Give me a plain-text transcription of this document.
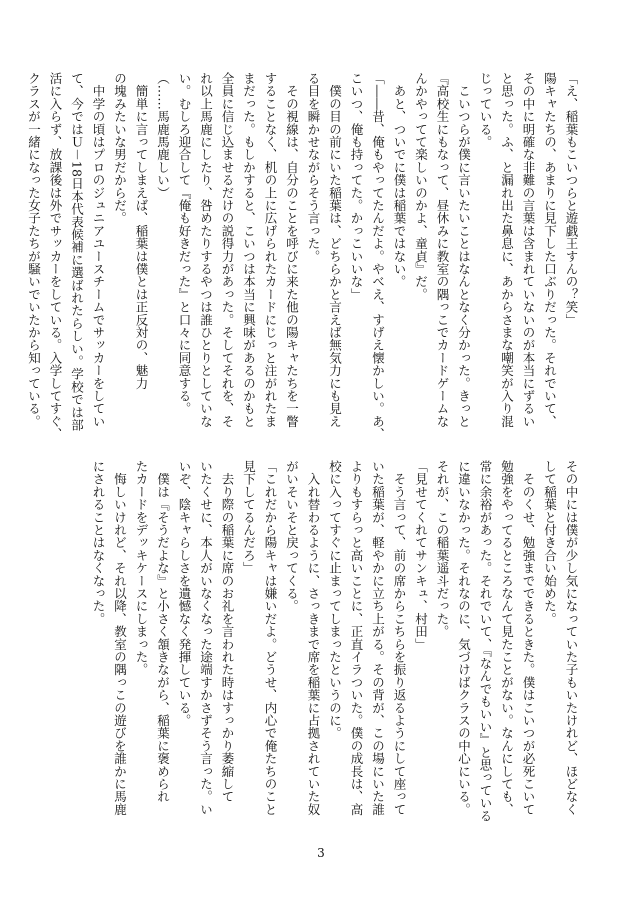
「え、稲葉もこいつらと遊戯王すんの？笑」
陽キャたちの、あまりに見下した口ぶりだった。それでいて、
その中に明確な非難の言葉は含まれていないのが本当にずるい
と思った。ふ、と漏れ出た鼻息に、あからさまな嘲笑が入り混
じっている。
　こいつらが僕に言いたいことはなんとなく分かった。きっと
『高校生にもなって、昼休みに教室の隅っこでカードゲームな
んかやってて楽しいのかよ、童貞』だ。
　あと、ついでに僕は稲葉ではない。
「――昔、俺もやってたんだよ。やべえ、すげえ懐かしい。あ、
こいつ、俺も持ってた。かっこいいな」
　僕の目の前にいた稲葉は、どちらかと言えば無気力にも見え
る目を瞬かせながらそう言った。
　その視線は、自分のことを呼びに来た他の陽キャたちを一瞥
することなく、机の上に広げられたカードにじっと注がれたま
まだった。もしかすると、こいつは本当に興味があるのかもと
全員に信じ込ませるだけの説得力があった。そしてそれを、そ
れ以上馬鹿にしたり、咎めたりするやつは誰ひとりとしていな
い。むしろ迎合して『俺も好きだった』と口々に同意する。
（……馬鹿馬鹿しい）
　簡単に言ってしまえば、稲葉は僕とは正反対の、魅力
の塊みたいな男だからだ。
　中学の頃はプロのジュニアユースチームでサッカーをしてい
て、今ではＵ－18日本代表候補に選ばれたらしい。学校では部
活に入らず、放課後は外でサッカーをしている。入学してすぐ、
クラスが一緒になった女子たちが騒いでいたから知っている。
その中には僕が少し気になっていた子もいたけれど、ほどなく
して稲葉と付き合い始めた。
　そのくせ、勉強までできるときた。僕はこいつが必死こいて
勉強をやってるところなんて見たことがない。なんにしても、
常に余裕があった。それでいて、『なんでもいい』と思っている
に違いなかった。それなのに、気づけばクラスの中心にいる。
それが、この稲葉遥斗だった。
「見せてくれてサンキュ、村田」
　そう言って、前の席からこちらを振り返るようにして座って
いた稲葉が、軽やかに立ち上がる。その背が、この場にいた誰
よりもすらっと高いことに、正直イラついた。僕の成長は、高
校に入ってすぐに止まってしまったというのに。
　入れ替わるように、さっきまで席を稲葉に占拠されていた奴
がいそいそと戻ってくる。
「これだから陽キャは嫌いだよ。どうせ、内心で俺たちのこと
見下してるんだろ」
　去り際の稲葉に席のお礼を言われた時はすっかり萎縮して
いたくせに、本人がいなくなった途端すかさずそう言った。い
いぞ、陰キャらしさを遺憾なく発揮している。
　僕は『そうだよな』と小さく頷きながら、稲葉に褒められ
たカードをデッキケースにしまった。
　悔しいけれど、それ以降、教室の隅っこの遊びを誰かに馬鹿
にされることはなくなった。
3
